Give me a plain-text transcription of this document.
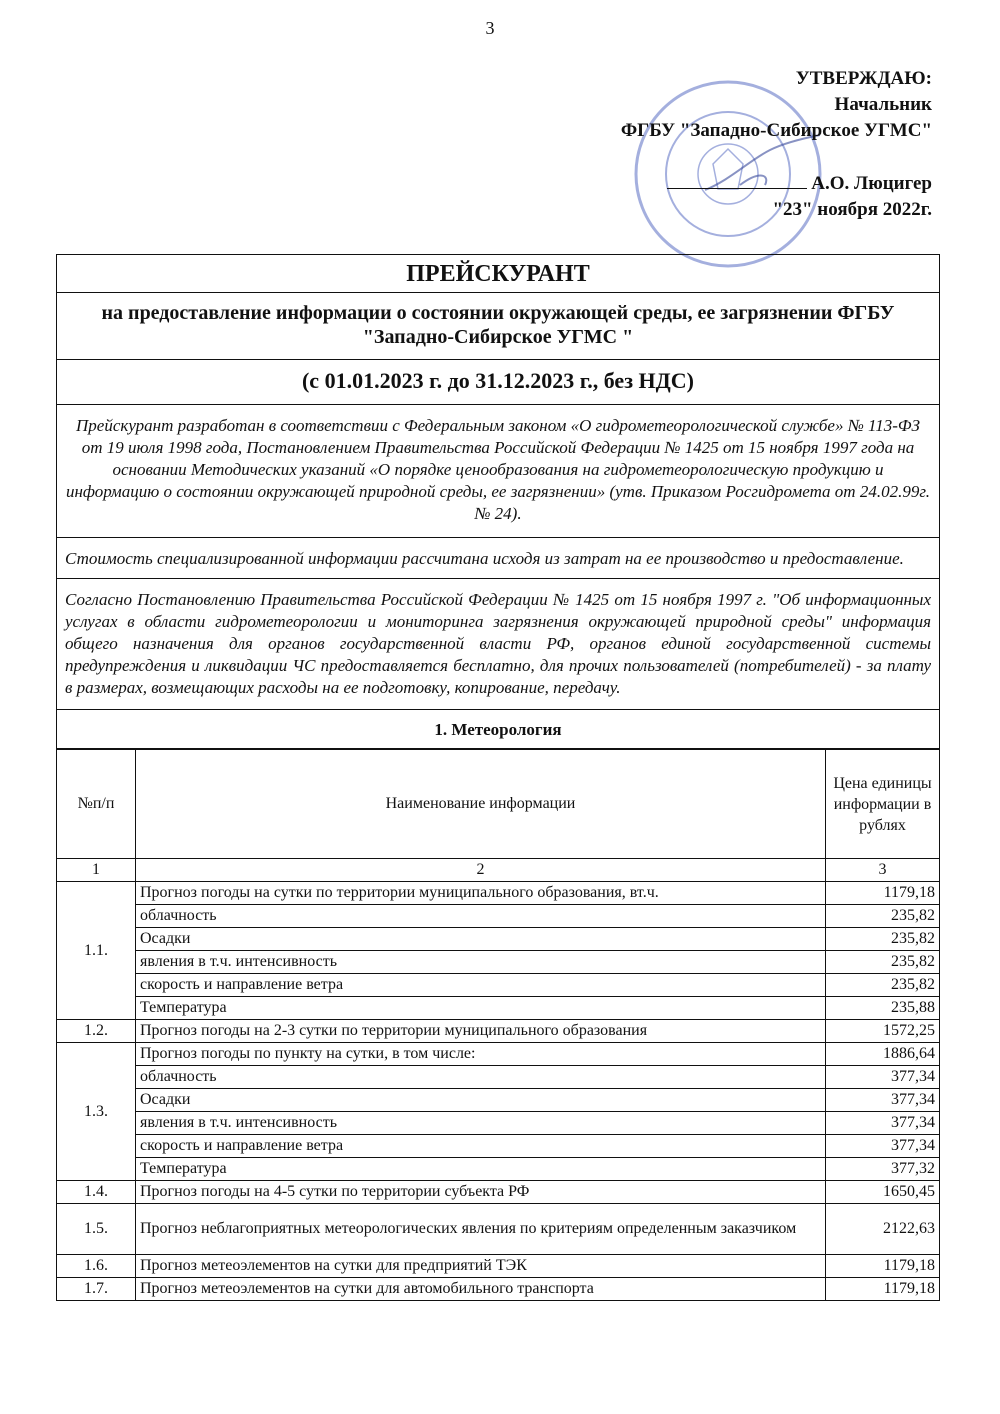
3
УТВЕРЖДАЮ:
Начальник
ФГБУ "Западно-Сибирское УГМС"
А.О. Люцигер
"23" ноября 2022г.
ПРЕЙСКУРАНТ
на предоставление информации о состоянии окружающей среды, ее загрязнении ФГБУ "Западно-Сибирское УГМС "
(с 01.01.2023 г. до 31.12.2023 г., без НДС)
Прейскурант разработан в соответствии с Федеральным законом «О гидрометеорологической службе» № 113-ФЗ от 19 июля 1998 года, Постановлением Правительства Российской Федерации № 1425 от 15 ноября 1997 года на основании Методических указаний «О порядке ценообразования на гидрометеорологическую продукцию и информацию о состоянии окружающей природной среды, ее загрязнении» (утв. Приказом Росгидромета от 24.02.99г. № 24).
Стоимость специализированной информации рассчитана исходя из затрат на ее производство и предоставление.
Согласно Постановлению Правительства Российской Федерации № 1425 от 15 ноября 1997 г. "Об информационных услугах в области гидрометеорологии и мониторинга загрязнения окружающей природной среды" информация общего назначения для органов государственной власти РФ, органов единой государственной системы предупреждения и ликвидации ЧС предоставляется бесплатно, для прочих пользователей (потребителей) - за плату в размерах, возмещающих расходы на ее подготовку, копирование, передачу.
1. Метеорология
№п/п	Наименование информации	Цена единицы информации в рублях
1	2	3
1.1.	Прогноз погоды на сутки по территории муниципального образования, вт.ч.	1179,18
	облачность	235,82
	Осадки	235,82
	явления в т.ч. интенсивность	235,82
	скорость и направление ветра	235,82
	Температура	235,88
1.2.	Прогноз погоды на 2-3 сутки по территории муниципального образования	1572,25
1.3.	Прогноз погоды по пункту на сутки, в том числе:	1886,64
	облачность	377,34
	Осадки	377,34
	явления в т.ч. интенсивность	377,34
	скорость и направление ветра	377,34
	Температура	377,32
1.4.	Прогноз погоды на 4-5 сутки по территории субъекта РФ	1650,45
1.5.	Прогноз неблагоприятных метеорологических явления по критериям определенным заказчиком	2122,63
1.6.	Прогноз метеоэлементов на сутки для предприятий ТЭК	1179,18
1.7.	Прогноз метеоэлементов на сутки для автомобильного транспорта	1179,18
